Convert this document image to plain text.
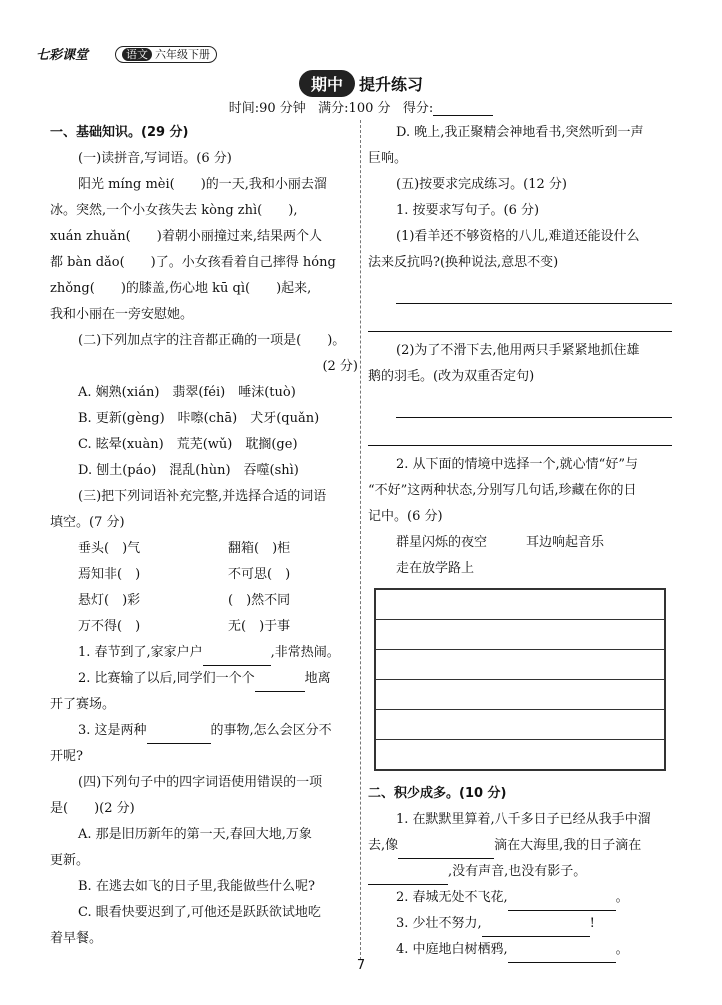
七彩课堂	语文 六年级下册
期中 提升练习
时间:90 分钟 满分:100 分 得分:

一、基础知识。(29 分)

(一)读拼音,写词语。(6 分)

阳光 míng mèi(　　)的一天,我和小丽去溜

冰。突然,一个小女孩失去 kòng zhì(　　),

xuán zhuǎn(　　)着朝小丽撞过来,结果两个人

都 bàn dǎo(　　)了。小女孩看着自己摔得 hóng

zhǒng(　　)的膝盖,伤心地 kū qì(　　)起来,

我和小丽在一旁安慰她。

(二)下列加点字的注音都正确的一项是(　　)。

(2 分)

A. 娴熟(xián)　翡翠(féi)　唾沫(tuò)

B. 更新(gèng)　咔嚓(chā)　犬牙(quǎn)

C. 眩晕(xuàn)　荒芜(wǔ)　耽搁(ge)

D. 刨土(páo)　混乱(hùn)　吞噬(shì)

(三)把下列词语补充完整,并选择合适的词语

填空。(7 分)

垂头(　)气	翻箱(　)柜

焉知非(　)	不可思(　)

悬灯(　)彩	(　)然不同

万不得(　)	无(　)于事

1. 春节到了,家家户户	,非常热闹。

2. 比赛输了以后,同学们一个个	地离

开了赛场。

3. 这是两种	的事物,怎么会区分不

开呢?

(四)下列句子中的四字词语使用错误的一项

是(　　)(2 分)

A. 那是旧历新年的第一天,春回大地,万象

更新。

B. 在逃去如飞的日子里,我能做些什么呢?

C. 眼看快要迟到了,可他还是跃跃欲试地吃

着早餐。

D. 晚上,我正聚精会神地看书,突然听到一声

巨响。

(五)按要求完成练习。(12 分)

1. 按要求写句子。(6 分)

(1)看羊还不够资格的八儿,难道还能设什么

法来反抗吗?(换种说法,意思不变)

(2)为了不滑下去,他用两只手紧紧地抓住雄

鹅的羽毛。(改为双重否定句)

2. 从下面的情境中选择一个,就心情“好”与

“不好”这两种状态,分别写几句话,珍藏在你的日

记中。(6 分)

群星闪烁的夜空	耳边响起音乐

走在放学路上

二、积少成多。(10 分)

1. 在默默里算着,八千多日子已经从我手中溜

去,像	滴在大海里,我的日子滴在

,没有声音,也没有影子。

2. 春城无处不飞花,	。

3. 少壮不努力,	!

4. 中庭地白树栖鸦,	。

7
